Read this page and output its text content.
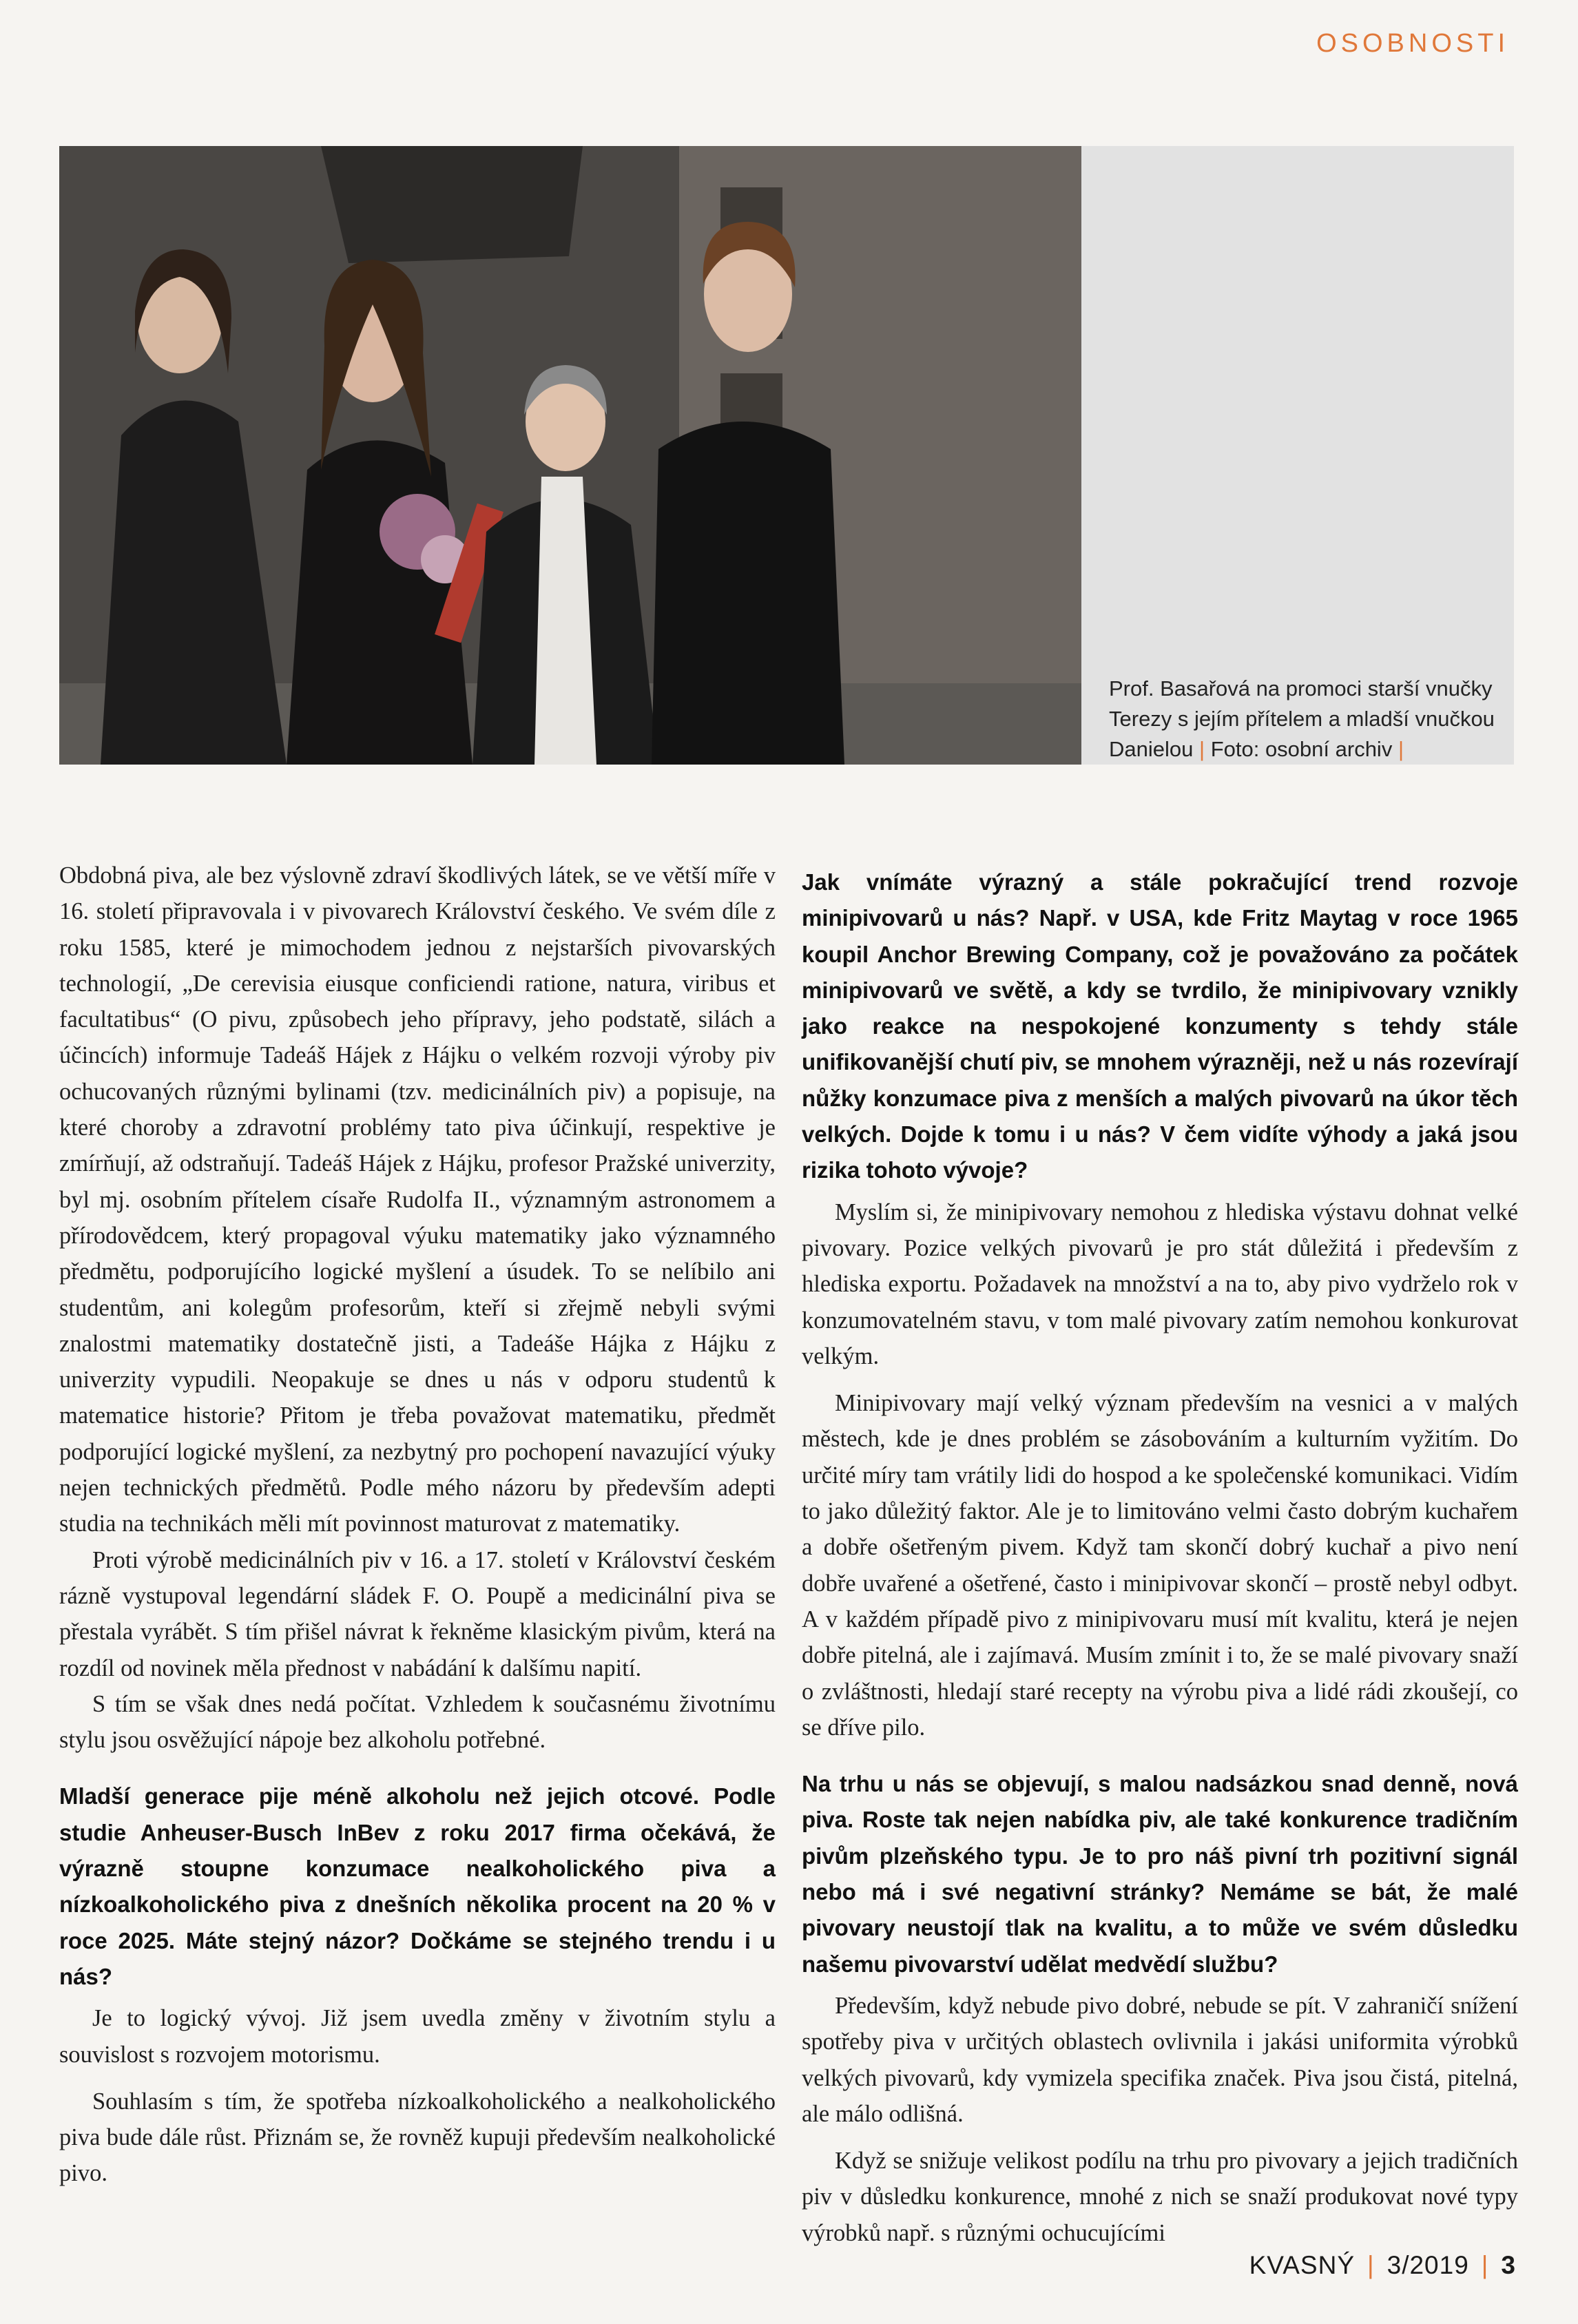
OSOBNOSTI
Prof. Basařová na promoci starší vnučky Terezy s jejím přítelem a mladší vnučkou Danielou | Foto: osobní archiv |

Obdobná piva, ale bez výslovně zdraví škodlivých látek, se ve větší míře v 16. století připravovala i v pivovarech Království českého. Ve svém díle z roku 1585, které je mimochodem jednou z nejstarších pivovarských technologií, „De cerevisia eiusque conficiendi ratione, natura, viribus et facultatibus“ (O pivu, způsobech jeho přípravy, jeho podstatě, silách a účincích) informuje Tadeáš Hájek z Hájku o velkém rozvoji výroby piv ochucovaných různými bylinami (tzv. medicinálních piv) a popisuje, na které choroby a zdravotní problémy tato piva účinkují, respektive je zmírňují, až odstraňují. Tadeáš Hájek z Hájku, profesor Pražské univerzity, byl mj. osobním přítelem císaře Rudolfa II., významným astronomem a přírodovědcem, který propagoval výuku matematiky jako významného předmětu, podporujícího logické myšlení a úsudek. To se nelíbilo ani studentům, ani kolegům profesorům, kteří si zřejmě nebyli svými znalostmi matematiky dostatečně jisti, a Tadeáše Hájka z Hájku z univerzity vypudili. Neopakuje se dnes u nás v odporu studentů k matematice historie? Přitom je třeba považovat matematiku, předmět podporující logické myšlení, za nezbytný pro pochopení navazující výuky nejen technických předmětů. Podle mého názoru by především adepti studia na technikách měli mít povinnost maturovat z matematiky.

Proti výrobě medicinálních piv v 16. a 17. století v Království českém rázně vystupoval legendární sládek F. O. Poupě a medicinální piva se přestala vyrábět. S tím přišel návrat k řekněme klasickým pivům, která na rozdíl od novinek měla přednost v nabádání k dalšímu napití.

S tím se však dnes nedá počítat. Vzhledem k současnému životnímu stylu jsou osvěžující nápoje bez alkoholu potřebné.

Mladší generace pije méně alkoholu než jejich otcové. Podle studie Anheuser-Busch InBev z roku 2017 firma očekává, že výrazně stoupne konzumace nealkoholického piva a nízkoalkoholického piva z dnešních několika procent na 20 % v roce 2025. Máte stejný názor? Dočkáme se stejného trendu i u nás?

Je to logický vývoj. Již jsem uvedla změny v životním stylu a souvislost s rozvojem motorismu.

Souhlasím s tím, že spotřeba nízkoalkoholického a nealkoholického piva bude dále růst. Přiznám se, že rovněž kupuji především nealkoholické pivo.

Jak vnímáte výrazný a stále pokračující trend rozvoje minipivovarů u nás? Např. v USA, kde Fritz Maytag v roce 1965 koupil Anchor Brewing Company, což je považováno za počátek minipivovarů ve světě, a kdy se tvrdilo, že minipivovary vznikly jako reakce na nespokojené konzumenty s tehdy stále unifikovanější chutí piv, se mnohem výrazněji, než u nás rozevírají nůžky konzumace piva z menších a malých pivovarů na úkor těch velkých. Dojde k tomu i u nás? V čem vidíte výhody a jaká jsou rizika tohoto vývoje?

Myslím si, že minipivovary nemohou z hlediska výstavu dohnat velké pivovary. Pozice velkých pivovarů je pro stát důležitá i především z hlediska exportu. Požadavek na množství a na to, aby pivo vydrželo rok v konzumovatelném stavu, v tom malé pivovary zatím nemohou konkurovat velkým.

Minipivovary mají velký význam především na vesnici a v malých městech, kde je dnes problém se zásobováním a kulturním vyžitím. Do určité míry tam vrátily lidi do hospod a ke společenské komunikaci. Vidím to jako důležitý faktor. Ale je to limitováno velmi často dobrým kuchařem a dobře ošetřeným pivem. Když tam skončí dobrý kuchař a pivo není dobře uvařené a ošetřené, často i minipivovar skončí – prostě nebyl odbyt. A v každém případě pivo z minipivovaru musí mít kvalitu, která je nejen dobře pitelná, ale i zajímavá. Musím zmínit i to, že se malé pivovary snaží o zvláštnosti, hledají staré recepty na výrobu piva a lidé rádi zkoušejí, co se dříve pilo.

Na trhu u nás se objevují, s malou nadsázkou snad denně, nová piva. Roste tak nejen nabídka piv, ale také konkurence tradičním pivům plzeňského typu. Je to pro náš pivní trh pozitivní signál nebo má i své negativní stránky? Nemáme se bát, že malé pivovary neustojí tlak na kvalitu, a to může ve svém důsledku našemu pivovarství udělat medvědí službu?

Především, když nebude pivo dobré, nebude se pít. V zahraničí snížení spotřeby piva v určitých oblastech ovlivnila i jakási uniformita výrobků velkých pivovarů, kdy vymizela specifika značek. Piva jsou čistá, pitelná, ale málo odlišná.

Když se snižuje velikost podílu na trhu pro pivovary a jejich tradičních piv v důsledku konkurence, mnohé z nich se snaží produkovat nové typy výrobků např. s různými ochucujícími

KVASNÝ | 3/2019 | 3
